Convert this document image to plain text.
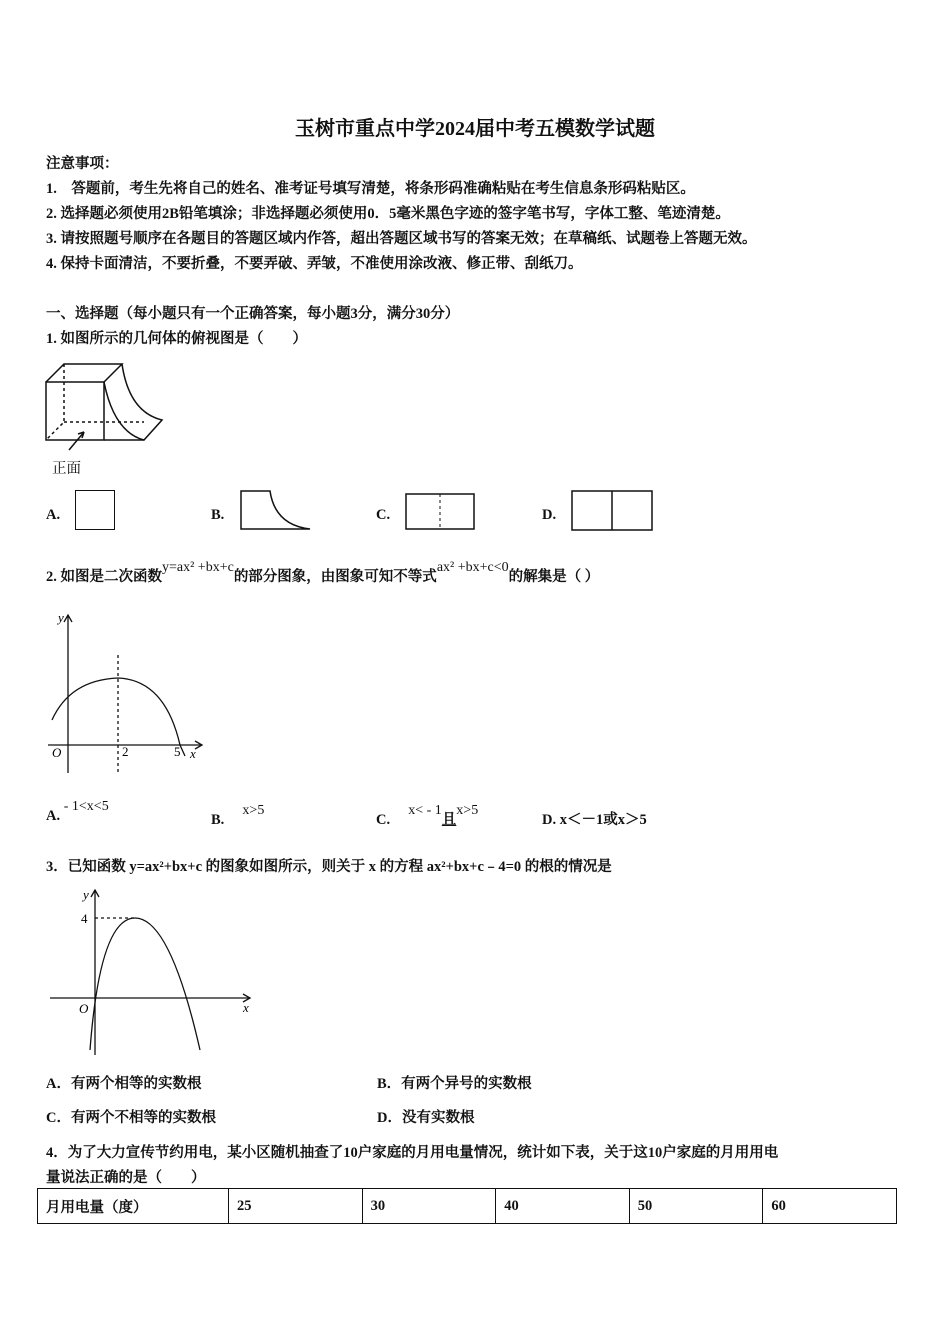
玉树市重点中学2024届中考五模数学试题
注意事项：
1.　答题前，考生先将自己的姓名、准考证号填写清楚，将条形码准确粘贴在考生信息条形码粘贴区。
2. 选择题必须使用2B铅笔填涂；非选择题必须使用0．5毫米黑色字迹的签字笔书写，字体工整、笔迹清楚。
3. 请按照题号顺序在各题目的答题区域内作答，超出答题区域书写的答案无效；在草稿纸、试题卷上答题无效。
4. 保持卡面清洁，不要折叠，不要弄破、弄皱，不准使用涂改液、修正带、刮纸刀。
一、选择题（每小题只有一个正确答案，每小题3分，满分30分）
1. 如图所示的几何体的俯视图是（　　）
正面
A.	B.	C.	D.
2. 如图是二次函数y=ax² +bx+c的部分图象，由图象可知不等式ax² +bx+c<0的解集是（ ）
y
O	2	5 x
A. - 1<x<5
B.　 x>5
C.　 x< - 1且x>5
D. x＜－1或x＞5
3．已知函数 y=ax²+bx+c 的图象如图所示，则关于 x 的方程 ax²+bx+c﹣4=0 的根的情况是
y
4
O	x
A．有两个相等的实数根	B．有两个异号的实数根
C．有两个不相等的实数根	D．没有实数根
4．为了大力宣传节约用电，某小区随机抽查了10户家庭的月用电量情况，统计如下表，关于这10户家庭的月用用电
量说法正确的是（　　）
月用电量（度）	25	30	40	50	60
